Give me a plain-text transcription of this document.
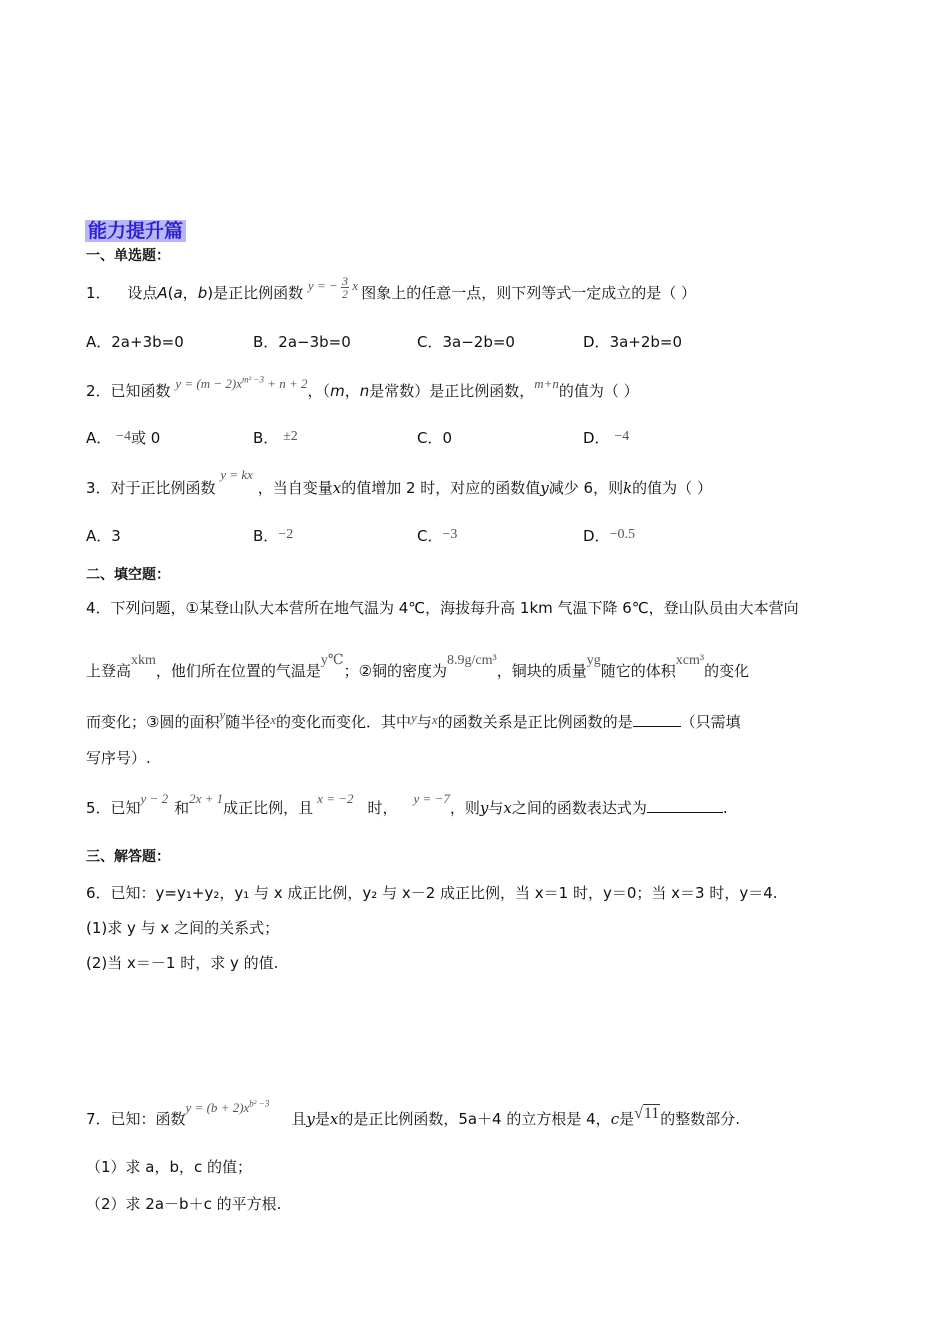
能力提升篇
一、单选题：
1． 设点A(a，b)是正比例函数 y = − $\frac{3}{2}$ x 图象上的任意一点，则下列等式一定成立的是（ ）
A．2a+3b=0	B．2a−3b=0	C．3a−2b=0	D．3a+2b=0
2．已知函数 $y = (m - 2)x^{m^2 -3} + n + 2$，（m，n是常数）是正比例函数，m+n的值为（ ）
A． −4或 0	B． ±2	C．0	D． −4
3．对于正比例函数 y = kx ，当自变量x的值增加 2 时，对应的函数值y减少 6，则k的值为（ ）
A．3	B．−2	C．−3	D．−0.5
二、填空题：
4．下列问题，①某登山队大本营所在地气温为 4℃，海拔每升高 1km 气温下降 6℃，登山队员由大本营向
上登高xkm，他们所在位置的气温是y℃；②铜的密度为8.9g/cm³，铜块的质量yg随它的体积xcm³的变化
而变化；③圆的面积y随半径x的变化而变化．其中y与x的函数关系是正比例函数的是	（只需填
写序号）.
5．已知y − 2和2x + 1成正比例，且x = −2时，y = −7，则y与x之间的函数表达式为	.
三、解答题：
6．已知：y=y₁+y₂，y₁ 与 x 成正比例，y₂ 与 x－2 成正比例，当 x＝1 时，y＝0；当 x＝3 时，y＝4.
(1)求 y 与 x 之间的关系式；
(2)当 x＝－1 时，求 y 的值.
7．已知：函数$y = (b + 2)x^{b^2 -3}$且y是x的是正比例函数，5a＋4 的立方根是 4，c是√11的整数部分.
（1）求 a，b，c 的值；
（2）求 2a－b＋c 的平方根.
